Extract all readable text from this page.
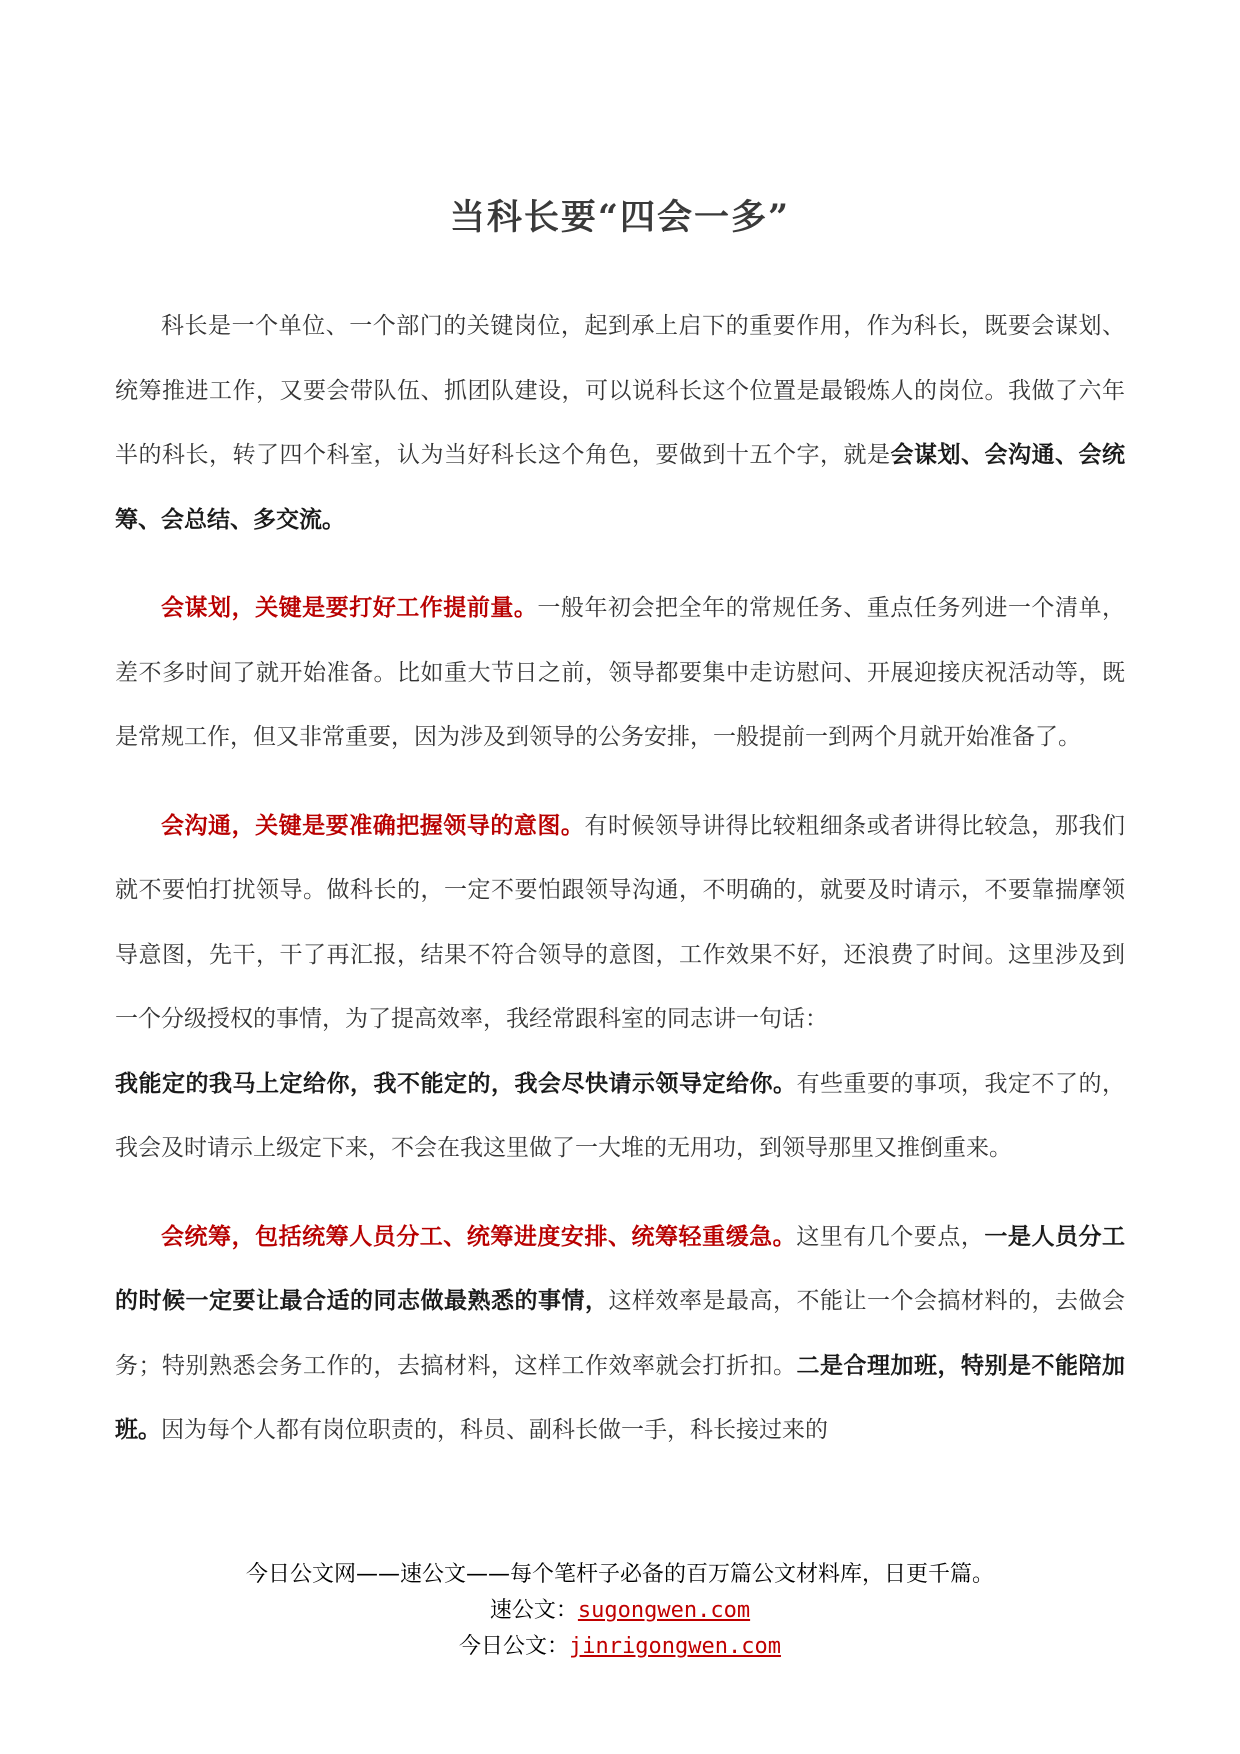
当科长要“四会一多”

科长是一个单位、一个部门的关键岗位，起到承上启下的重要作用，作为科长，既要会谋划、统筹推进工作，又要会带队伍、抓团队建设，可以说科长这个位置是最锻炼人的岗位。我做了六年半的科长，转了四个科室，认为当好科长这个角色，要做到十五个字，就是会谋划、会沟通、会统筹、会总结、多交流。

会谋划，关键是要打好工作提前量。一般年初会把全年的常规任务、重点任务列进一个清单，差不多时间了就开始准备。比如重大节日之前，领导都要集中走访慰问、开展迎接庆祝活动等，既是常规工作，但又非常重要，因为涉及到领导的公务安排，一般提前一到两个月就开始准备了。

会沟通，关键是要准确把握领导的意图。有时候领导讲得比较粗细条或者讲得比较急，那我们就不要怕打扰领导。做科长的，一定不要怕跟领导沟通，不明确的，就要及时请示，不要靠揣摩领导意图，先干，干了再汇报，结果不符合领导的意图，工作效果不好，还浪费了时间。这里涉及到一个分级授权的事情，为了提高效率，我经常跟科室的同志讲一句话：

我能定的我马上定给你，我不能定的，我会尽快请示领导定给你。有些重要的事项，我定不了的，我会及时请示上级定下来，不会在我这里做了一大堆的无用功，到领导那里又推倒重来。

会统筹，包括统筹人员分工、统筹进度安排、统筹轻重缓急。这里有几个要点，一是人员分工的时候一定要让最合适的同志做最熟悉的事情，这样效率是最高，不能让一个会搞材料的，去做会务；特别熟悉会务工作的，去搞材料，这样工作效率就会打折扣。二是合理加班，特别是不能陪加班。因为每个人都有岗位职责的，科员、副科长做一手，科长接过来的

今日公文网——速公文——每个笔杆子必备的百万篇公文材料库，日更千篇。
速公文：sugongwen.com
今日公文：jinrigongwen.com
